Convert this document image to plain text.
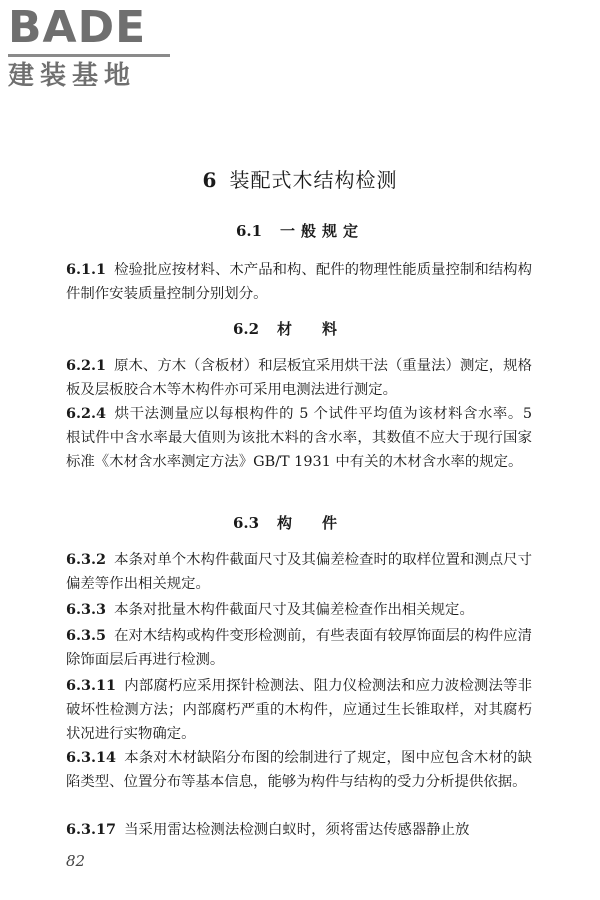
BADE
建装基地
6 装配式木结构检测
6.1 一般规定
6.1.1 检验批应按材料、木产品和构、配件的物理性能质量控制和结构构件制作安装质量控制分别划分。
6.2 材料
6.2.1 原木、方木（含板材）和层板宜采用烘干法（重量法）测定，规格板及层板胶合木等木构件亦可采用电测法进行测定。
6.2.4 烘干法测量应以每根构件的 5 个试件平均值为该材料含水率。5 根试件中含水率最大值则为该批木料的含水率，其数值不应大于现行国家标准《木材含水率测定方法》GB/T 1931 中有关的木材含水率的规定。
6.3 构件
6.3.2 本条对单个木构件截面尺寸及其偏差检查时的取样位置和测点尺寸偏差等作出相关规定。
6.3.3 本条对批量木构件截面尺寸及其偏差检查作出相关规定。
6.3.5 在对木结构或构件变形检测前，有些表面有较厚饰面层的构件应清除饰面层后再进行检测。
6.3.11 内部腐朽应采用探针检测法、阻力仪检测法和应力波检测法等非破坏性检测方法；内部腐朽严重的木构件，应通过生长锥取样，对其腐朽状况进行实物确定。
6.3.14 本条对木材缺陷分布图的绘制进行了规定，图中应包含木材的缺陷类型、位置分布等基本信息，能够为构件与结构的受力分析提供依据。
6.3.17 当采用雷达检测法检测白蚁时，须将雷达传感器静止放
82
